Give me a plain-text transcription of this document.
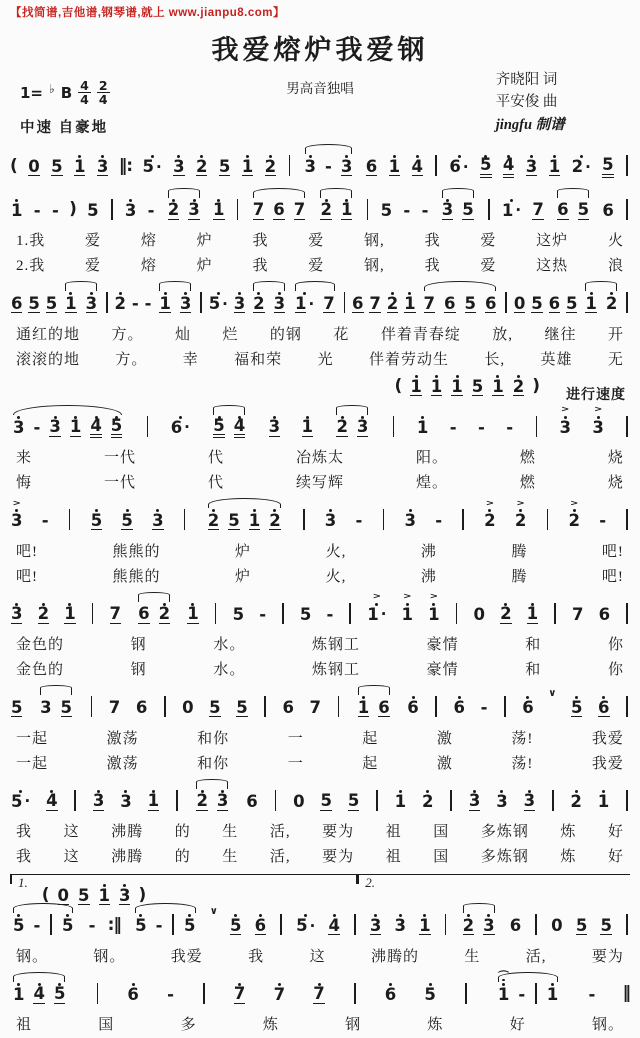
【找简谱,吉他谱,钢琴谱,就上 www.jianpu8.com】
我爱熔炉我爱钢
1= ♭ B $\frac{4}{4} \frac{2}{4}$
中速 自豪地
男高音独唱
齐晓阳 词
平安俊 曲
jingfu 制谱
( 0 5 1 3 ‖: 5 · 3 2 5 1 2 3 - 3 6 1 4 6 · 5 4 3 1 2 · 5
1 - - ) 5 3 - 2 3 1 7 6 7 2 1 5 - - 3 5 1 · 7 6 5 6
1.我	爱	熔	炉	我	爱	钢,	我	爱	这炉	火
2.我	爱	熔	炉	我	爱	钢,	我	爱	这热	浪
6 5 5 1 3 2 - - 1 3 5 · 3 2 3 1 · 7 6 7 2 1 7 6 5 6 0 5 6 5 1 2
通红的地 方。 灿 烂 的钢 花 伴着青春绽 放, 继往 开
滚滚的地 方。 幸 福和荣 光 伴着劳动生 长, 英雄 无
( 1 1 1 5 1 2 ) 进行速度
3 - 3 1 4 5	6 · 5 4 3 1 2 3	1 - - -
>
3
>
3
来	一代	代	冶炼太	阳。	燃	烧
悔	一代	代	续写辉	煌。	燃	烧
>
3 -	5 5 3	2 5 1 2	3 -	3 -
>
2
>
2
>
2 -
吧!	熊熊的	炉	火,	沸	腾	吧!
吧!	熊熊的	炉	火,	沸	腾	吧!
3 2 1 7 6 2 1 5 - 5 -
>
1 ·
>
1
>
1 0 2 1 7 6
金色的	钢	水。	炼钢工	豪情	和	你
金色的	钢	水。	炼钢工	豪情	和	你
5 3 5 7 6 0 5 5 6 7 1 6 6 6 - 6
∨
5 6
一起	激荡	和你	一	起	激	荡!	我爱
一起	激荡	和你	一	起	激	荡!	我爱
5 · 4 3 3 1 2 3 6 0 5 5 1 2 3 3 3 2 1
我 这 沸腾 的 生 活, 要为 祖 国 多炼钢 炼 好
我 这 沸腾 的 生 活, 要为 祖 国 多炼钢 炼 好
1.
( 0 5 1 3 )
2.
5 - 5 - :‖ 5 - 5
∨
5 6 5 · 4 3 3 1 2 3 6 0 5 5
钢。	钢。	我爱	我	这	沸腾的	生	活,	要为
1 4 5	6 -	7 7 7	6 5
⌒
1 - 1 - ‖
祖	国	多	炼	钢	炼	好	钢。
